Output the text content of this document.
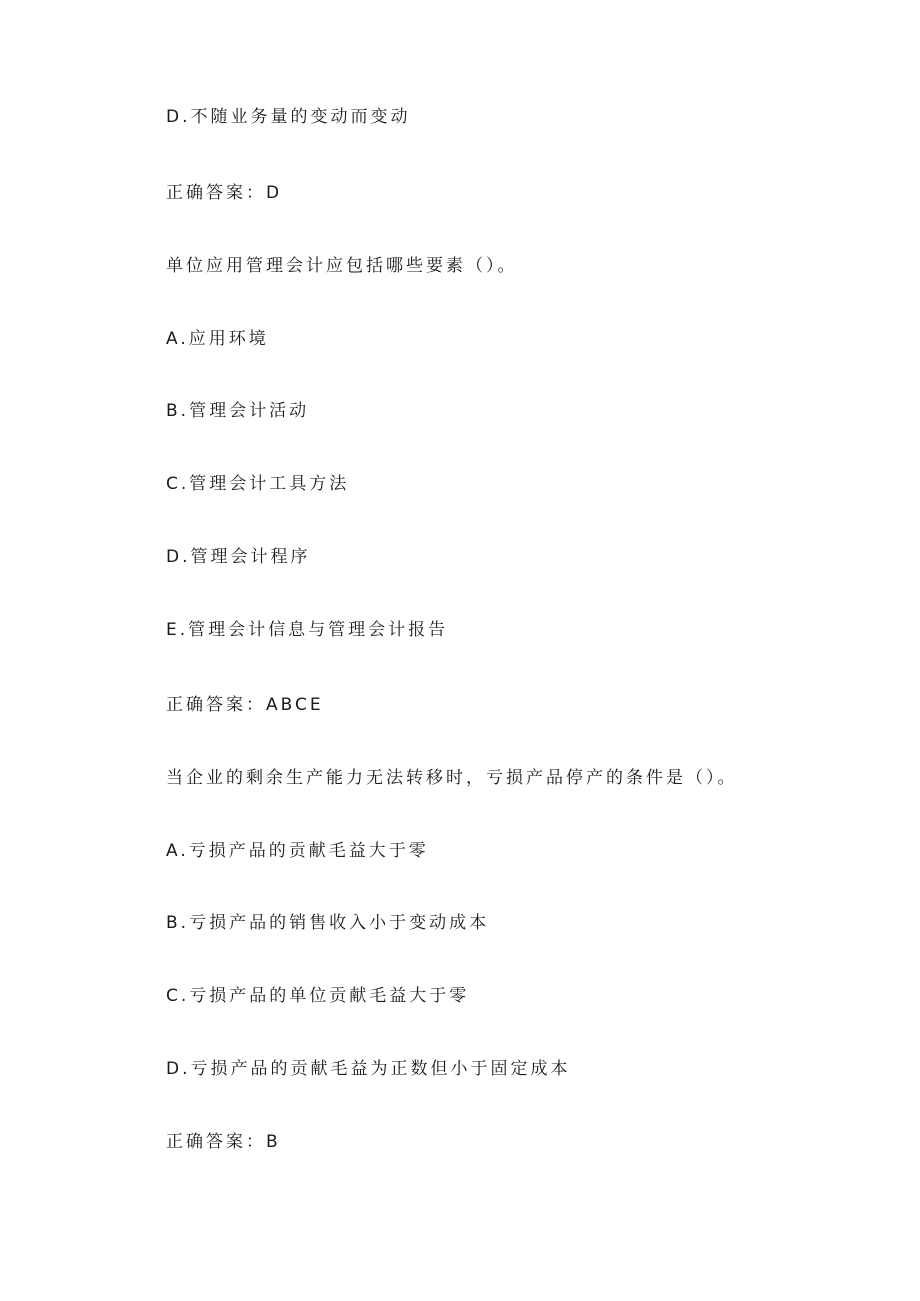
D.不随业务量的变动而变动

正确答案：D

单位应用管理会计应包括哪些要素（）。

A.应用环境

B.管理会计活动

C.管理会计工具方法

D.管理会计程序

E.管理会计信息与管理会计报告

正确答案：ABCE

当企业的剩余生产能力无法转移时，亏损产品停产的条件是（）。

A.亏损产品的贡献毛益大于零

B.亏损产品的销售收入小于变动成本

C.亏损产品的单位贡献毛益大于零

D.亏损产品的贡献毛益为正数但小于固定成本

正确答案：B
